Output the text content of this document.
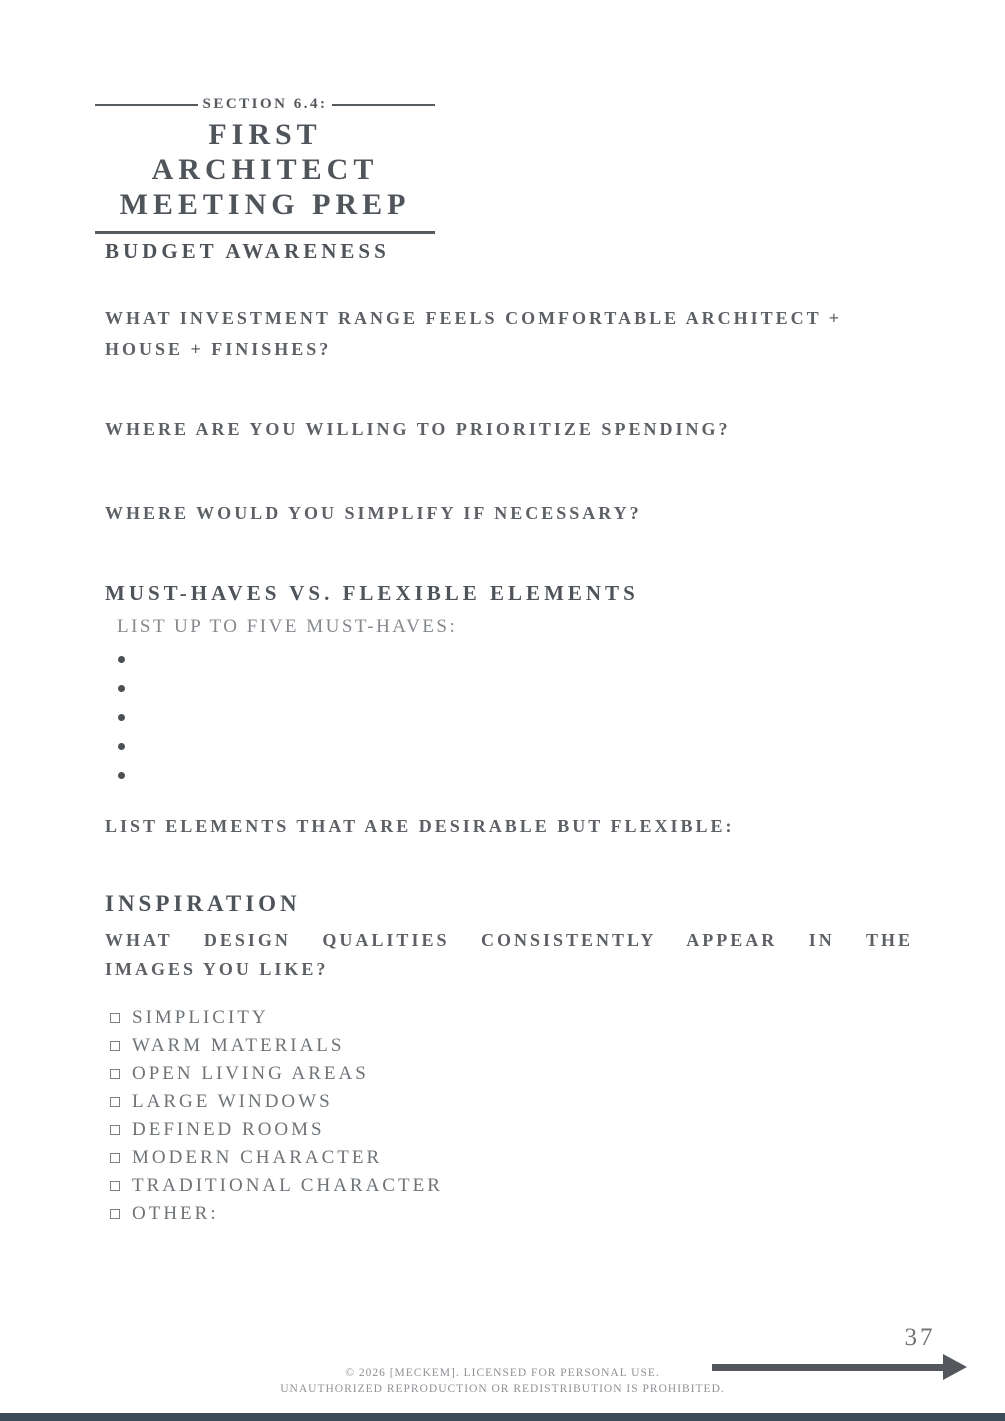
SECTION 6.4:
FIRST ARCHITECT
MEETING PREP
BUDGET AWARENESS
WHAT INVESTMENT RANGE FEELS COMFORTABLE ARCHITECT +
HOUSE + FINISHES?
WHERE ARE YOU WILLING TO PRIORITIZE SPENDING?
WHERE WOULD YOU SIMPLIFY IF NECESSARY?
MUST-HAVES VS. FLEXIBLE ELEMENTS
LIST UP TO FIVE MUST-HAVES:
LIST ELEMENTS THAT ARE DESIRABLE BUT FLEXIBLE:
INSPIRATION
WHAT DESIGN QUALITIES CONSISTENTLY APPEAR IN THE
IMAGES YOU LIKE?
SIMPLICITY
WARM MATERIALS
OPEN LIVING AREAS
LARGE WINDOWS
DEFINED ROOMS
MODERN CHARACTER
TRADITIONAL CHARACTER
OTHER:
37
© 2026 [MECKEM]. LICENSED FOR PERSONAL USE.
UNAUTHORIZED REPRODUCTION OR REDISTRIBUTION IS PROHIBITED.
